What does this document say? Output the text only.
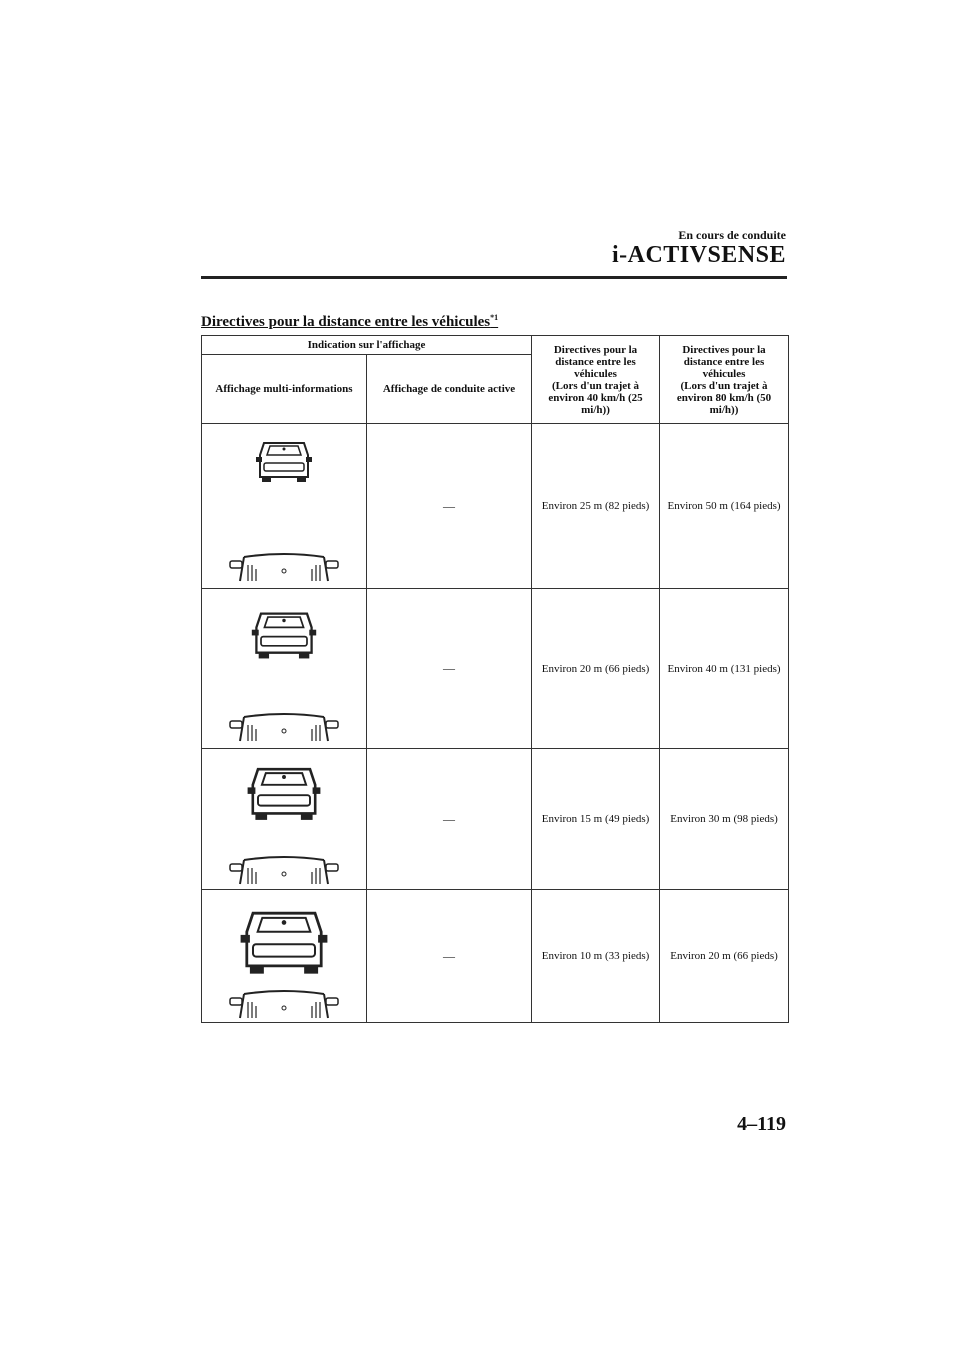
En cours de conduite
i-ACTIVSENSE
Directives pour la distance entre les véhicules$^{*1}$
Indication sur l'affichage		Directives pour la distance entre les véhicules
(Lors d'un trajet à environ 40 km/h (25 mi/h))	Directives pour la distance entre les véhicules
(Lors d'un trajet à environ 80 km/h (50 mi/h))
Affichage multi-informations	Affichage de conduite active		

	—	Environ 25 m (82 pieds)	Environ 50 m (164 pieds)

	—	Environ 20 m (66 pieds)	Environ 40 m (131 pieds)

	—	Environ 15 m (49 pieds)	Environ 30 m (98 pieds)

	—	Environ 10 m (33 pieds)	Environ 20 m (66 pieds)
4–119
